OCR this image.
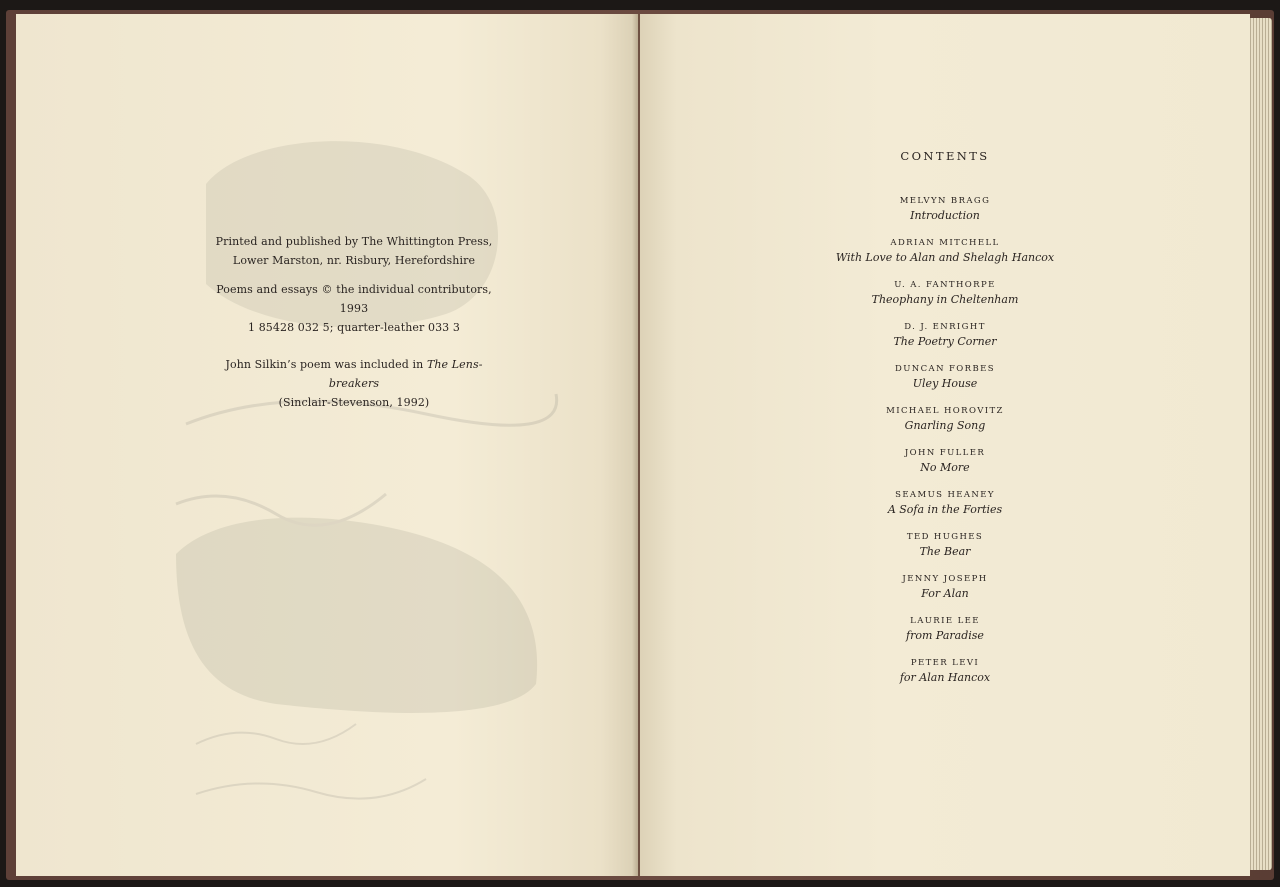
Printed and published by The Whittington Press,
Lower Marston, nr. Risbury, Herefordshire

Poems and essays © the individual contributors, 1993
1 85428 032 5; quarter-leather 033 3

John Silkin’s poem was included in The Lens-breakers
(Sinclair-Stevenson, 1992)

CONTENTS
MELVYN BRAGG
Introduction
ADRIAN MITCHELL
With Love to Alan and Shelagh Hancox
U. A. FANTHORPE
Theophany in Cheltenham
D. J. ENRIGHT
The Poetry Corner
DUNCAN FORBES
Uley House
MICHAEL HOROVITZ
Gnarling Song
JOHN FULLER
No More
SEAMUS HEANEY
A Sofa in the Forties
TED HUGHES
The Bear
JENNY JOSEPH
For Alan
LAURIE LEE
from Paradise
PETER LEVI
for Alan Hancox
